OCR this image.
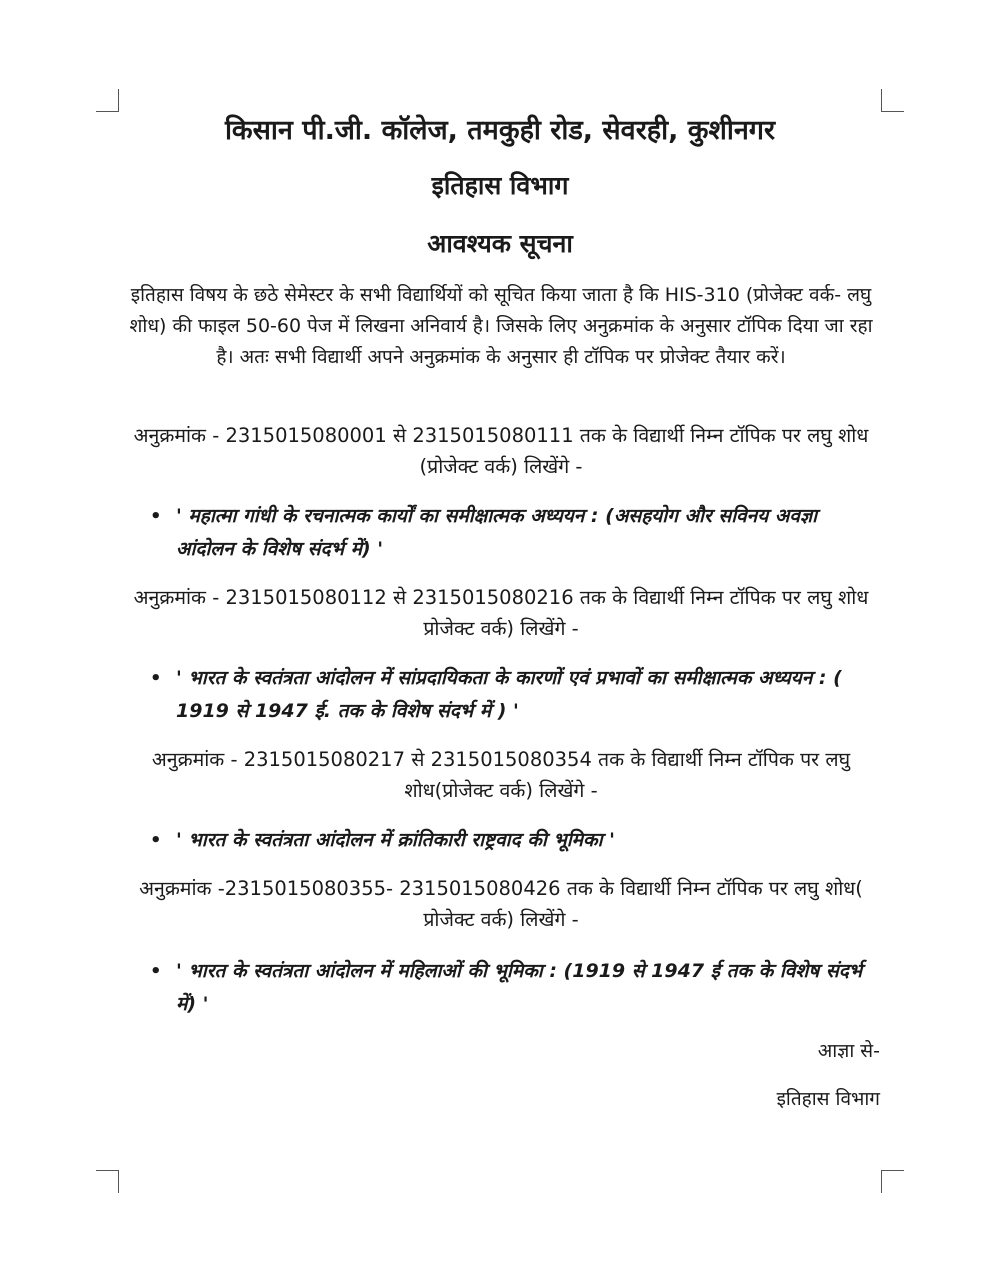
किसान पी.जी. कॉलेज, तमकुही रोड, सेवरही, कुशीनगर
इतिहास विभाग
आवश्यक सूचना
इतिहास विषय के छठे सेमेस्टर के सभी विद्यार्थियों को सूचित किया जाता है कि HIS-310 (प्रोजेक्ट वर्क- लघु शोध) की फाइल 50-60 पेज में लिखना अनिवार्य है। जिसके लिए अनुक्रमांक के अनुसार टॉपिक दिया जा रहा है। अतः सभी विद्यार्थी अपने अनुक्रमांक के अनुसार ही टॉपिक पर प्रोजेक्ट तैयार करें।
अनुक्रमांक - 2315015080001 से 2315015080111 तक के विद्यार्थी निम्न टॉपिक पर लघु शोध (प्रोजेक्ट वर्क) लिखेंगे -
• ' महात्मा गांधी के रचनात्मक कार्यों का समीक्षात्मक अध्ययन : (असहयोग और सविनय अवज्ञा आंदोलन के विशेष संदर्भ में) '
अनुक्रमांक - 2315015080112 से 2315015080216 तक के विद्यार्थी निम्न टॉपिक पर लघु शोध प्रोजेक्ट वर्क) लिखेंगे -
• ' भारत के स्वतंत्रता आंदोलन में सांप्रदायिकता के कारणों एवं प्रभावों का समीक्षात्मक अध्ययन : ( 1919 से 1947 ई. तक के विशेष संदर्भ में ) '
अनुक्रमांक - 2315015080217 से 2315015080354 तक के विद्यार्थी निम्न टॉपिक पर लघु शोध(प्रोजेक्ट वर्क) लिखेंगे -
• ' भारत के स्वतंत्रता आंदोलन में क्रांतिकारी राष्ट्रवाद की भूमिका '
अनुक्रमांक -2315015080355- 2315015080426 तक के विद्यार्थी निम्न टॉपिक पर लघु शोध( प्रोजेक्ट वर्क) लिखेंगे -
• ' भारत के स्वतंत्रता आंदोलन में महिलाओं की भूमिका : (1919 से 1947 ई तक के विशेष संदर्भ में) '
आज्ञा से-
इतिहास विभाग
